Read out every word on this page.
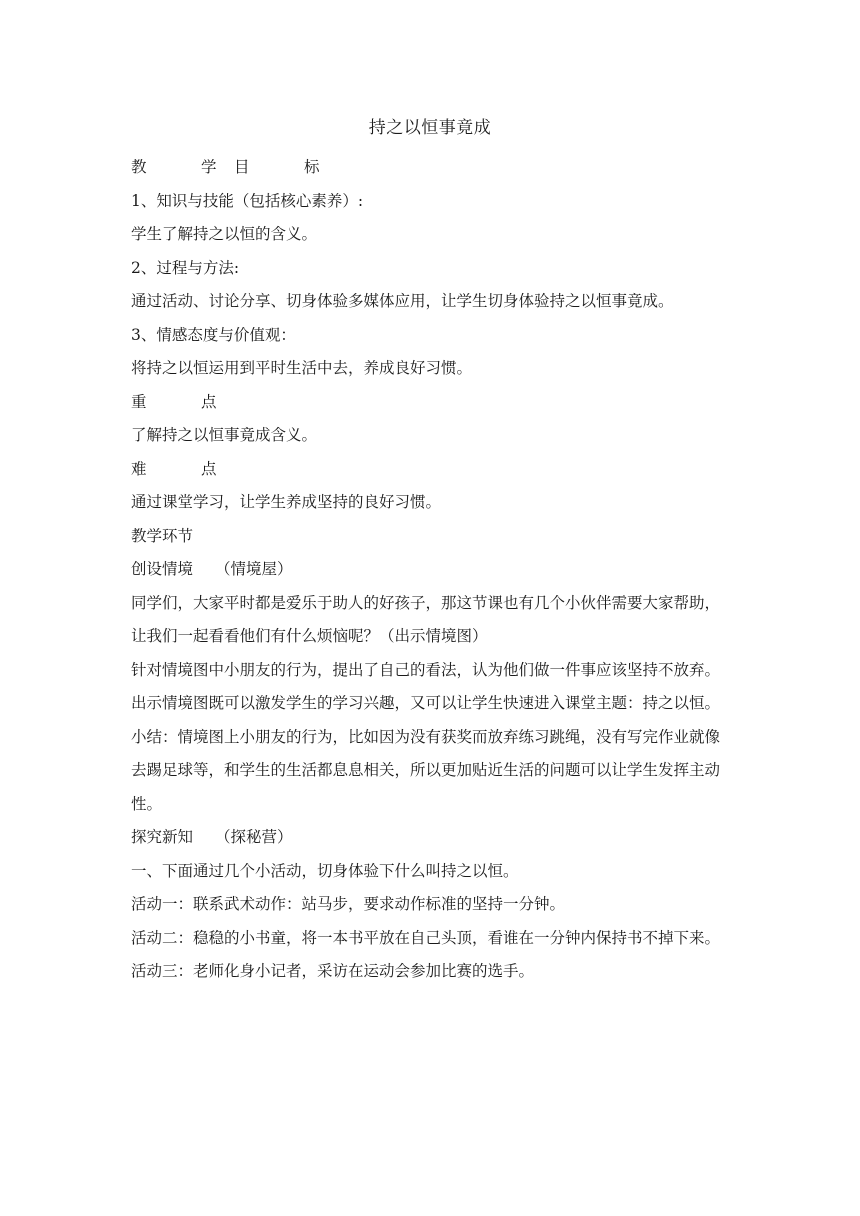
持之以恒事竟成
教	学	目	标
1、知识与技能（包括核心素养）:
学生了解持之以恒的含义。
2、过程与方法:
通过活动、讨论分享、切身体验多媒体应用，让学生切身体验持之以恒事竟成。
3、情感态度与价值观：
将持之以恒运用到平时生活中去，养成良好习惯。
重	点
了解持之以恒事竟成含义。
难	点
通过课堂学习，让学生养成坚持的良好习惯。
教学环节
创设情境 （情境屋）
同学们，大家平时都是爱乐于助人的好孩子，那这节课也有几个小伙伴需要大家帮助，让我们一起看看他们有什么烦恼呢？（出示情境图）
针对情境图中小朋友的行为，提出了自己的看法，认为他们做一件事应该坚持不放弃。
出示情境图既可以激发学生的学习兴趣，又可以让学生快速进入课堂主题：持之以恒。
小结：情境图上小朋友的行为，比如因为没有获奖而放弃练习跳绳，没有写完作业就像去踢足球等，和学生的生活都息息相关，所以更加贴近生活的问题可以让学生发挥主动性。
探究新知 （探秘营）
一、下面通过几个小活动，切身体验下什么叫持之以恒。
活动一：联系武术动作：站马步，要求动作标准的坚持一分钟。
活动二：稳稳的小书童，将一本书平放在自己头顶，看谁在一分钟内保持书不掉下来。
活动三：老师化身小记者，采访在运动会参加比赛的选手。
